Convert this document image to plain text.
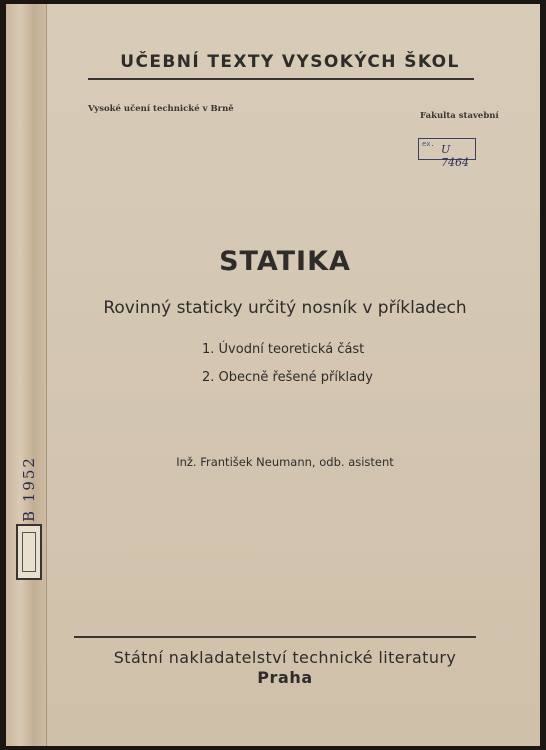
B 1952
UČEBNÍ TEXTY VYSOKÝCH ŠKOL
Vysoké učení technické v Brně
Fakulta stavební
ex. U 7464
STATIKA
Rovinný staticky určitý nosník v příkladech
1. Úvodní teoretická část
2. Obecně řešené příklady
Inž. František Neumann, odb. asistent
Státní nakladatelství technické literatury
Praha
